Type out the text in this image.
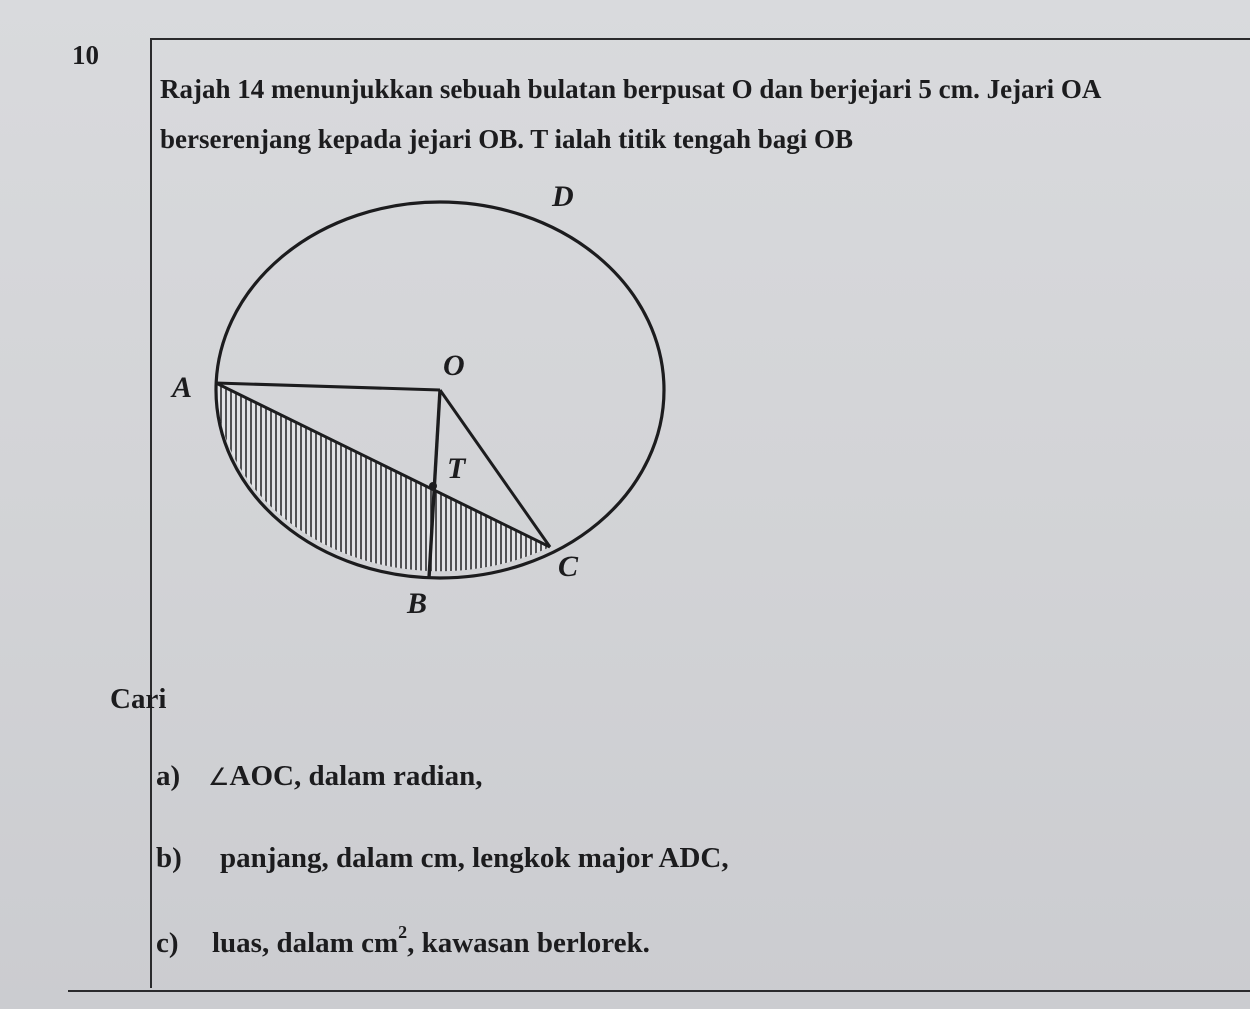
10
Rajah 14 menunjukkan sebuah bulatan berpusat O dan berjejari 5 cm. Jejari OA
berserenjang kepada jejari OB. T ialah titik tengah bagi OB
A
O
T
B
C
D
Cari
a) ∠AOC, dalam radian,
b) panjang, dalam cm, lengkok major ADC,
c) luas, dalam $cm^2$, kawasan berlorek.
